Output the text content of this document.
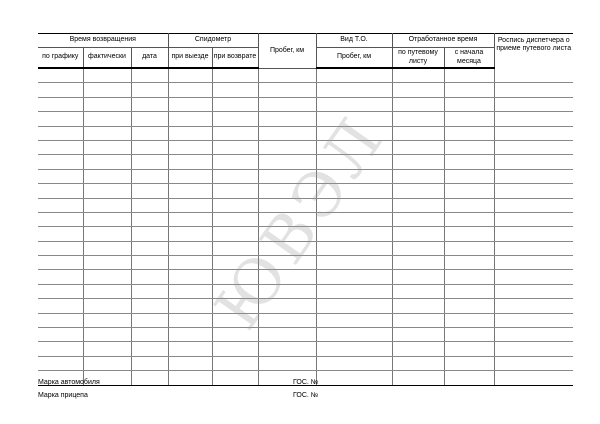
Время возвращения			Спидометр		Пробег, км	Вид Т.О.	Отработанное время		Роспись диспетчера о приеме путевого листа
по графику	фактически	дата	при выезде	при возврате		Пробег, км	по путевому листу	с начала месяца	

Марка автомобиля	ГОС. №
Марка прицепа	ГОС. №
ЮВЭЛ
